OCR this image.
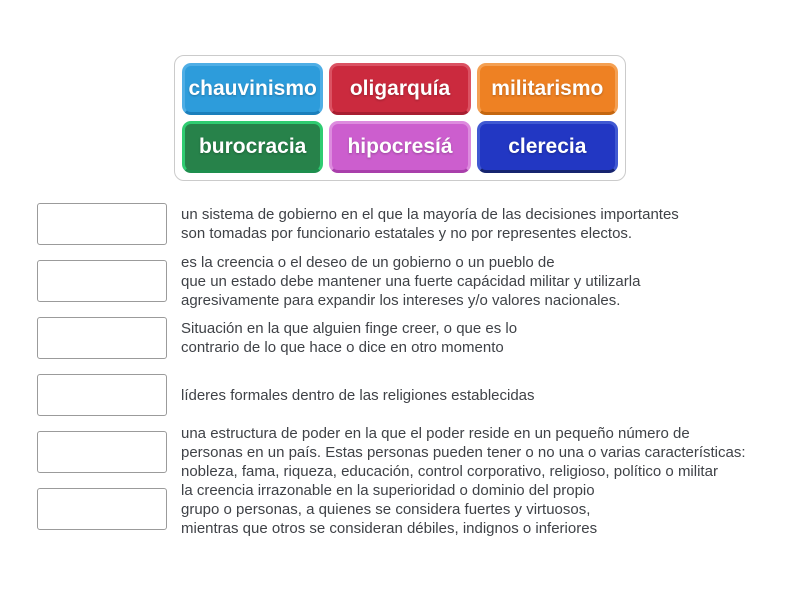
chauvinismo oligarquía militarismo
burocracia hipocresíá	clerecia
un sistema de gobierno en el que la mayoría de las decisiones importantes
son tomadas por funcionario estatales y no por representes electos.
es la creencia o el deseo de un gobierno o un pueblo de
que un estado debe mantener una fuerte capácidad militar y utilizarla
agresivamente para expandir los intereses y/o valores nacionales.
Situación en la que alguien finge creer, o que es lo
contrario de lo que hace o dice en otro momento
líderes formales dentro de las religiones establecidas
una estructura de poder en la que el poder reside en un pequeño número de
personas en un país. Estas personas pueden tener o no una o varias características:
nobleza, fama, riqueza, educación, control corporativo, religioso, político o militar
la creencia irrazonable en la superioridad o dominio del propio
grupo o personas, a quienes se considera fuertes y virtuosos,
mientras que otros se consideran débiles, indignos o inferiores
